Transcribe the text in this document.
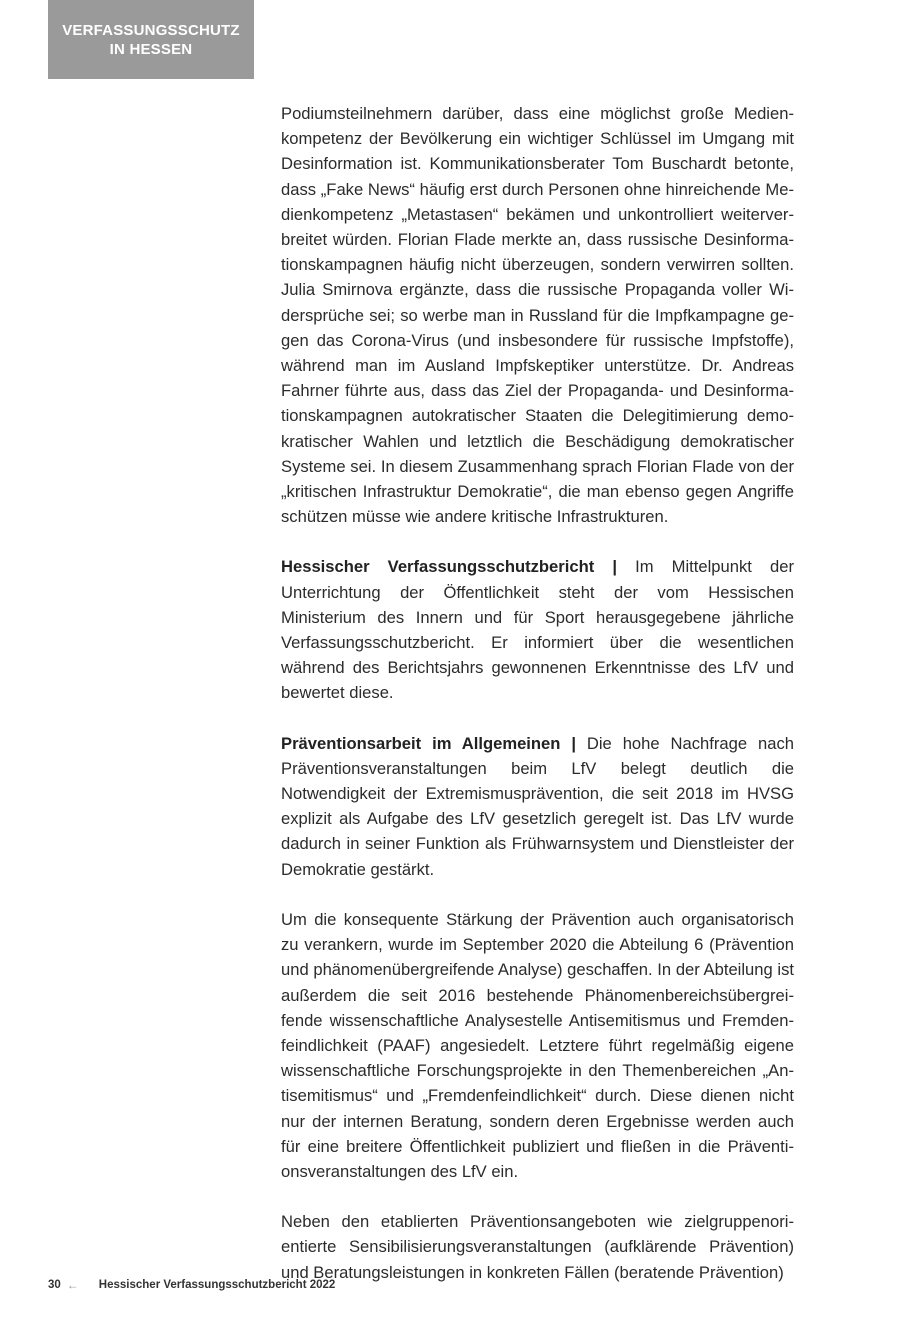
VERFASSUNGSSCHUTZ
IN HESSEN

Podiumsteilnehmern darüber, dass eine möglichst große Medienkompetenz der Bevölkerung ein wichtiger Schlüssel im Umgang mit Desinformation ist. Kommunikationsberater Tom Buschardt betonte, dass „Fake News“ häufig erst durch Personen ohne hinreichende Medienkompetenz „Metastasen“ bekämen und unkontrolliert weiterverbreitet würden. Florian Flade merkte an, dass russische Desinformationskampagnen häufig nicht überzeugen, sondern verwirren sollten. Julia Smirnova ergänzte, dass die russische Propaganda voller Widersprüche sei; so werbe man in Russland für die Impfkampagne gegen das Corona-Virus (und insbesondere für russische Impfstoffe), während man im Ausland Impfskeptiker unterstütze. Dr. Andreas Fahrner führte aus, dass das Ziel der Propaganda- und Desinformationskampagnen autokratischer Staaten die Delegitimierung demokratischer Wahlen und letztlich die Beschädigung demokratischer Systeme sei. In diesem Zusammenhang sprach Florian Flade von der „kritischen Infrastruktur Demokratie“, die man ebenso gegen Angriffe schützen müsse wie andere kritische Infrastrukturen.

Hessischer Verfassungsschutzbericht | Im Mittelpunkt der Unterrichtung der Öffentlichkeit steht der vom Hessischen Ministerium des Innern und für Sport herausgegebene jährliche Verfassungsschutzbericht. Er informiert über die wesentlichen während des Berichtsjahrs gewonnenen Erkenntnisse des LfV und bewertet diese.

Präventionsarbeit im Allgemeinen | Die hohe Nachfrage nach Präventionsveranstaltungen beim LfV belegt deutlich die Notwendigkeit der Extremismusprävention, die seit 2018 im HVSG explizit als Aufgabe des LfV gesetzlich geregelt ist. Das LfV wurde dadurch in seiner Funktion als Frühwarnsystem und Dienstleister der Demokratie gestärkt.

Um die konsequente Stärkung der Prävention auch organisatorisch zu verankern, wurde im September 2020 die Abteilung 6 (Prävention und phänomenübergreifende Analyse) geschaffen. In der Abteilung ist außerdem die seit 2016 bestehende Phänomenbereichsübergreifende wissenschaftliche Analysestelle Antisemitismus und Fremdenfeindlichkeit (PAAF) angesiedelt. Letztere führt regelmäßig eigene wissenschaftliche Forschungsprojekte in den Themenbereichen „Antisemitismus“ und „Fremdenfeindlichkeit“ durch. Diese dienen nicht nur der internen Beratung, sondern deren Ergebnisse werden auch für eine breitere Öffentlichkeit publiziert und fließen in die Präventionsveranstaltungen des LfV ein.

Neben den etablierten Präventionsangeboten wie zielgruppenorientierte Sensibilisierungsveranstaltungen (aufklärende Prävention) und Beratungsleistungen in konkreten Fällen (beratende Prävention)

30 ← Hessischer Verfassungsschutzbericht 2022
